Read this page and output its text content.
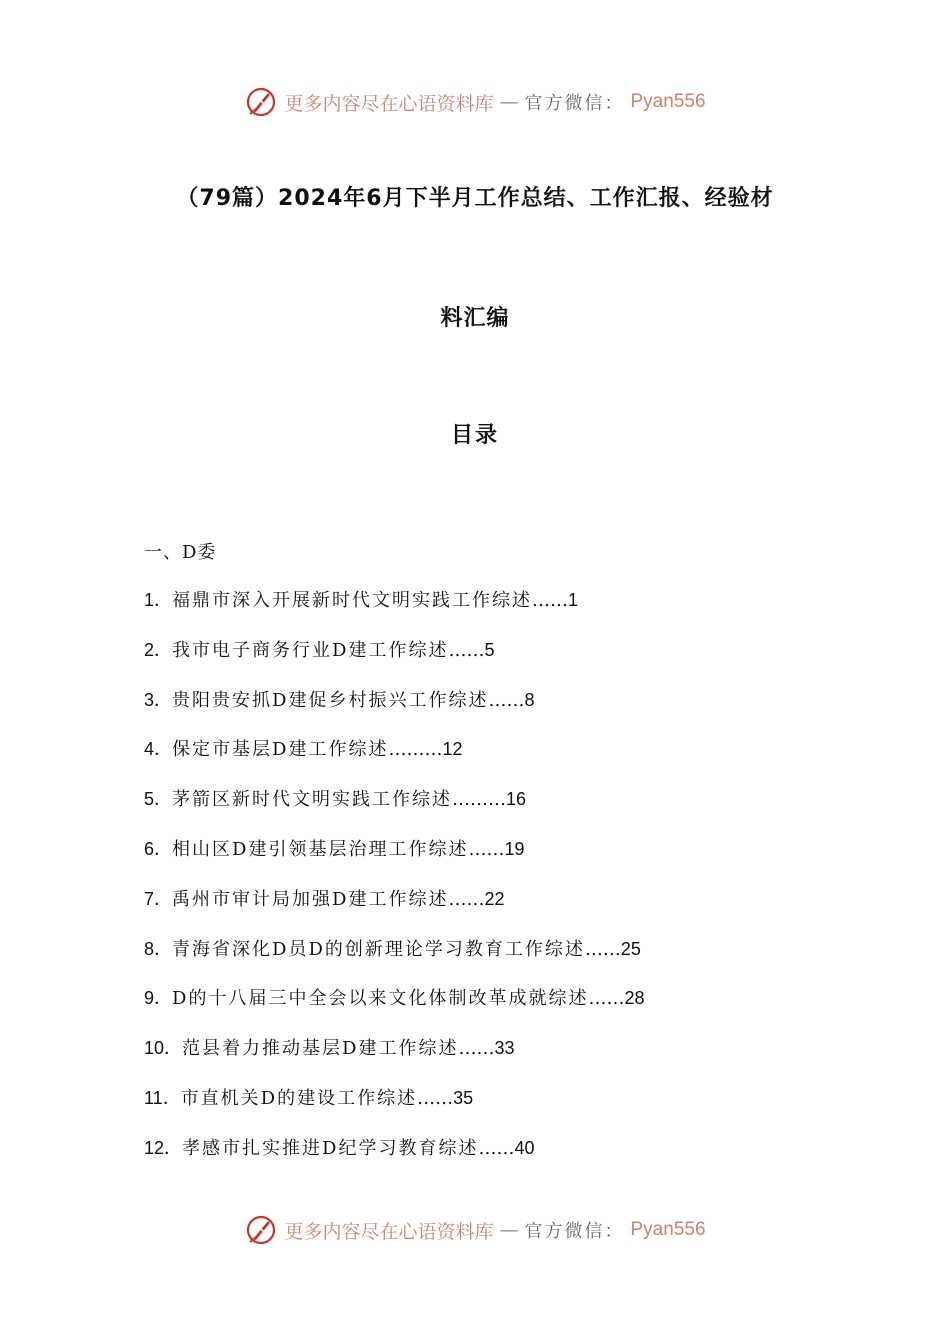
更多内容尽在心语资料库 — 官方微信： Pyan556
（79篇）2024年6月下半月工作总结、工作汇报、经验材
料汇编
目录
一、D委
1．福鼎市深入开展新时代文明实践工作综述……1
2．我市电子商务行业D建工作综述……5
3．贵阳贵安抓D建促乡村振兴工作综述……8
4．保定市基层D建工作综述………12
5．茅箭区新时代文明实践工作综述………16
6．相山区D建引领基层治理工作综述……19
7．禹州市审计局加强D建工作综述……22
8．青海省深化D员D的创新理论学习教育工作综述……25
9．D的十八届三中全会以来文化体制改革成就综述……28
10．范县着力推动基层D建工作综述……33
11．市直机关D的建设工作综述……35
12．孝感市扎实推进D纪学习教育综述……40
更多内容尽在心语资料库 — 官方微信： Pyan556
